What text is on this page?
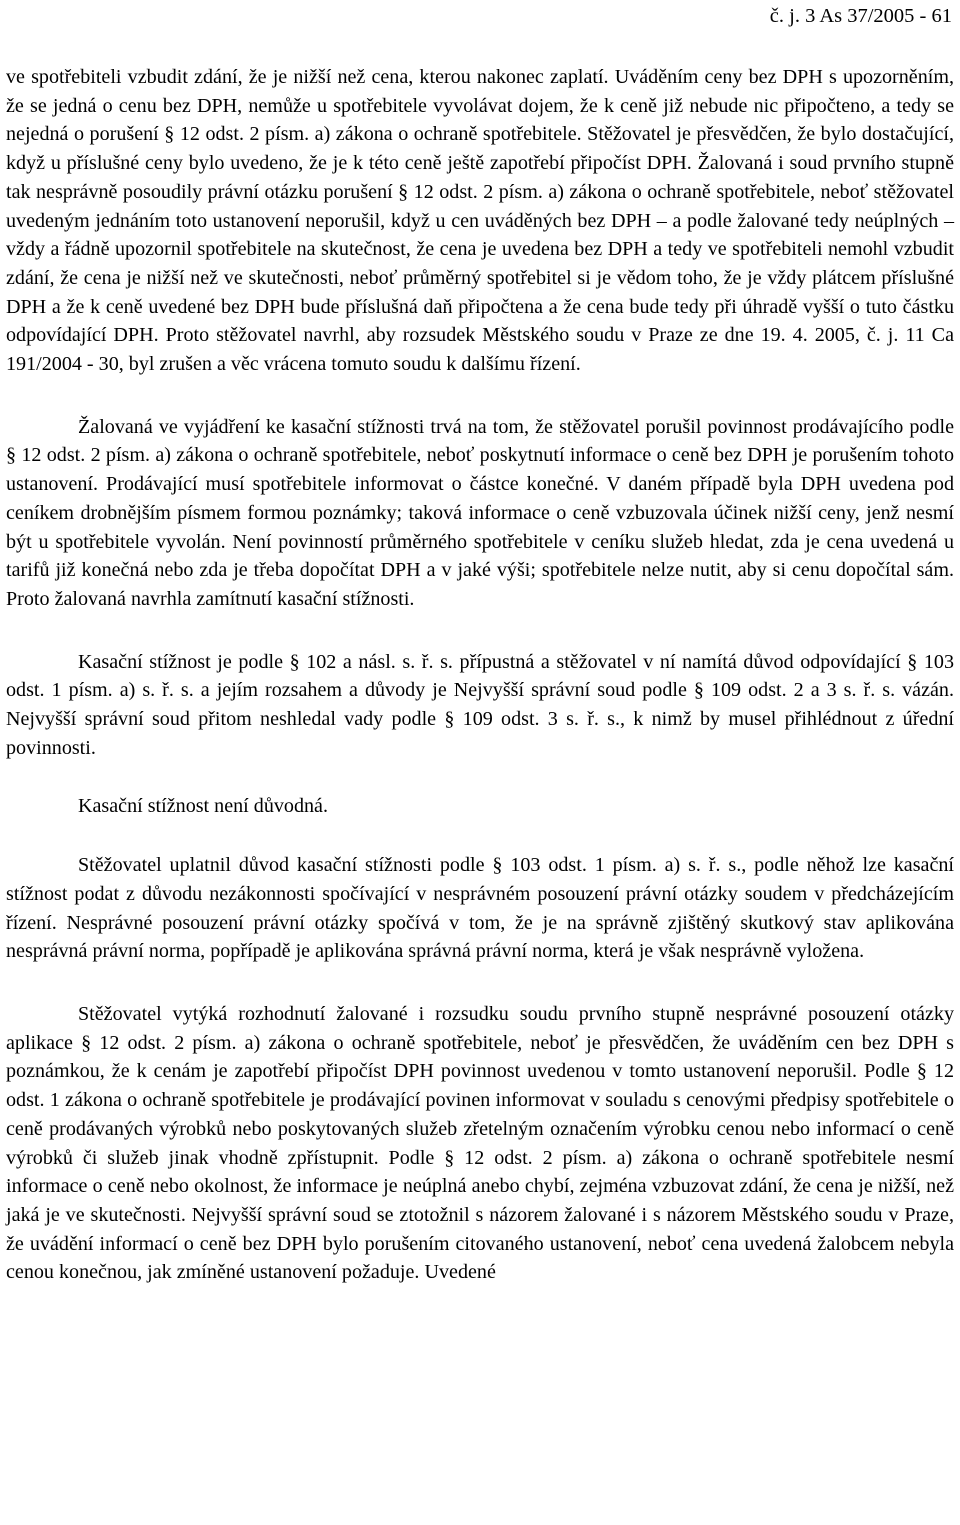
č. j. 3 As 37/2005 - 61

ve spotřebiteli vzbudit zdání, že je nižší než cena, kterou nakonec zaplatí. Uváděním ceny bez DPH s upozorněním, že se jedná o cenu bez DPH, nemůže u spotřebitele vyvolávat dojem, že k ceně již nebude nic připočteno, a tedy se nejedná o porušení § 12 odst. 2 písm. a) zákona o ochraně spotřebitele. Stěžovatel je přesvědčen, že bylo dostačující, když u příslušné ceny bylo uvedeno, že je k této ceně ještě zapotřebí připočíst DPH. Žalovaná i soud prvního stupně tak nesprávně posoudily právní otázku porušení § 12 odst. 2 písm. a) zákona o ochraně spotřebitele, neboť stěžovatel uvedeným jednáním toto ustanovení neporušil, když u cen uváděných bez DPH – a podle žalované tedy neúplných – vždy a řádně upozornil spotřebitele na skutečnost, že cena je uvedena bez DPH a tedy ve spotřebiteli nemohl vzbudit zdání, že cena je nižší než ve skutečnosti, neboť průměrný spotřebitel si je vědom toho, že je vždy plátcem příslušné DPH a že k ceně uvedené bez DPH bude příslušná daň připočtena a že cena bude tedy při úhradě vyšší o tuto částku odpovídající DPH. Proto stěžovatel navrhl, aby rozsudek Městského soudu v Praze ze dne 19. 4. 2005, č. j. 11 Ca 191/2004 - 30, byl zrušen a věc vrácena tomuto soudu k dalšímu řízení.

Žalovaná ve vyjádření ke kasační stížnosti trvá na tom, že stěžovatel porušil povinnost prodávajícího podle § 12 odst. 2 písm. a) zákona o ochraně spotřebitele, neboť poskytnutí informace o ceně bez DPH je porušením tohoto ustanovení. Prodávající musí spotřebitele informovat o částce konečné. V daném případě byla DPH uvedena pod ceníkem drobnějším písmem formou poznámky; taková informace o ceně vzbuzovala účinek nižší ceny, jenž nesmí být u spotřebitele vyvolán. Není povinností průměrného spotřebitele v ceníku služeb hledat, zda je cena uvedená u tarifů již konečná nebo zda je třeba dopočítat DPH a v jaké výši; spotřebitele nelze nutit, aby si cenu dopočítal sám. Proto žalovaná navrhla zamítnutí kasační stížnosti.

Kasační stížnost je podle § 102 a násl. s. ř. s. přípustná a stěžovatel v ní namítá důvod odpovídající § 103 odst. 1 písm. a) s. ř. s. a jejím rozsahem a důvody je Nejvyšší správní soud podle § 109 odst. 2 a 3 s. ř. s. vázán. Nejvyšší správní soud přitom neshledal vady podle § 109 odst. 3 s. ř. s., k nimž by musel přihlédnout z úřední povinnosti.

Kasační stížnost není důvodná.

Stěžovatel uplatnil důvod kasační stížnosti podle § 103 odst. 1 písm. a) s. ř. s., podle něhož lze kasační stížnost podat z důvodu nezákonnosti spočívající v nesprávném posouzení právní otázky soudem v předcházejícím řízení. Nesprávné posouzení právní otázky spočívá v tom, že je na správně zjištěný skutkový stav aplikována nesprávná právní norma, popřípadě je aplikována správná právní norma, která je však nesprávně vyložena.

Stěžovatel vytýká rozhodnutí žalované i rozsudku soudu prvního stupně nesprávné posouzení otázky aplikace § 12 odst. 2 písm. a) zákona o ochraně spotřebitele, neboť je přesvědčen, že uváděním cen bez DPH s poznámkou, že k cenám je zapotřebí připočíst DPH povinnost uvedenou v tomto ustanovení neporušil. Podle § 12 odst. 1 zákona o ochraně spotřebitele je prodávající povinen informovat v souladu s cenovými předpisy spotřebitele o ceně prodávaných výrobků nebo poskytovaných služeb zřetelným označením výrobku cenou nebo informací o ceně výrobků či služeb jinak vhodně zpřístupnit. Podle § 12 odst. 2 písm. a) zákona o ochraně spotřebitele nesmí informace o ceně nebo okolnost, že informace je neúplná anebo chybí, zejména vzbuzovat zdání, že cena je nižší, než jaká je ve skutečnosti. Nejvyšší správní soud se ztotožnil s názorem žalované i s názorem Městského soudu v Praze, že uvádění informací o ceně bez DPH bylo porušením citovaného ustanovení, neboť cena uvedená žalobcem nebyla cenou konečnou, jak zmíněné ustanovení požaduje. Uvedené
